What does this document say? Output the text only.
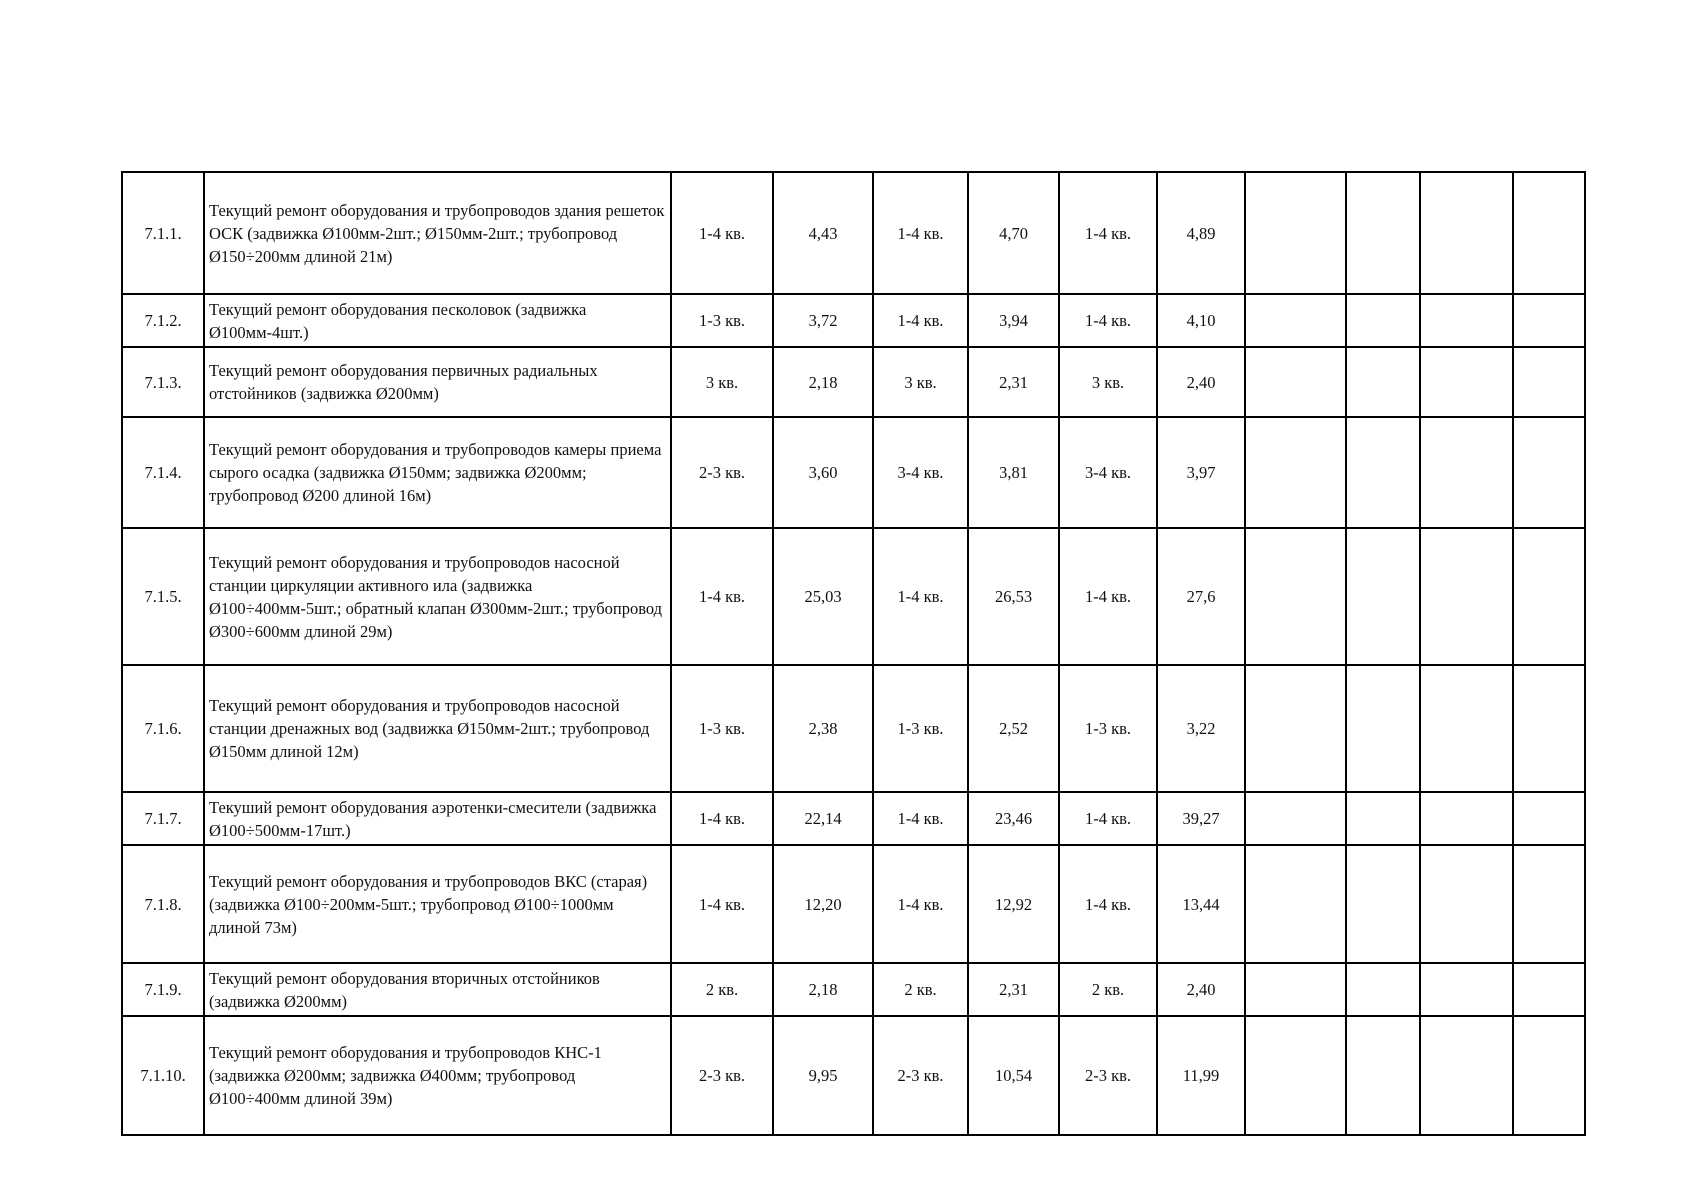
7.1.1.	Текущий ремонт оборудования и трубопроводов здания решеток ОСК (задвижка Ø100мм-2шт.; Ø150мм-2шт.; трубопровод Ø150÷200мм длиной 21м)	1-4 кв.	4,43	1-4 кв.	4,70	1-4 кв.	4,89				
7.1.2.	Текущий ремонт оборудования песколовок (задвижка Ø100мм-4шт.)	1-3 кв.	3,72	1-4 кв.	3,94	1-4 кв.	4,10				
7.1.3.	Текущий ремонт оборудования первичных радиальных отстойников (задвижка Ø200мм)	3 кв.	2,18	3 кв.	2,31	3 кв.	2,40				
7.1.4.	Текущий ремонт оборудования и трубопроводов камеры приема сырого осадка (задвижка Ø150мм; задвижка Ø200мм; трубопровод Ø200 длиной 16м)	2-3 кв.	3,60	3-4 кв.	3,81	3-4 кв.	3,97				
7.1.5.	Текущий ремонт оборудования и трубопроводов насосной станции циркуляции активного ила (задвижка Ø100÷400мм-5шт.; обратный клапан Ø300мм-2шт.; трубопровод Ø300÷600мм длиной 29м)	1-4 кв.	25,03	1-4 кв.	26,53	1-4 кв.	27,6				
7.1.6.	Текущий ремонт оборудования и трубопроводов насосной станции дренажных вод (задвижка Ø150мм-2шт.; трубопровод Ø150мм длиной 12м)	1-3 кв.	2,38	1-3 кв.	2,52	1-3 кв.	3,22				
7.1.7.	Текуший ремонт оборудования аэротенки-смесители (задвижка Ø100÷500мм-17шт.)	1-4 кв.	22,14	1-4 кв.	23,46	1-4 кв.	39,27				
7.1.8.	Текущий ремонт оборудования и трубопроводов ВКС (старая) (задвижка Ø100÷200мм-5шт.; трубопровод Ø100÷1000мм длиной 73м)	1-4 кв.	12,20	1-4 кв.	12,92	1-4 кв.	13,44				
7.1.9.	Текущий ремонт оборудования вторичных отстойников (задвижка Ø200мм)	2 кв.	2,18	2 кв.	2,31	2 кв.	2,40				
7.1.10.	Текущий ремонт оборудования и трубопроводов КНС-1 (задвижка Ø200мм; задвижка Ø400мм; трубопровод Ø100÷400мм длиной 39м)	2-3 кв.	9,95	2-3 кв.	10,54	2-3 кв.	11,99				
